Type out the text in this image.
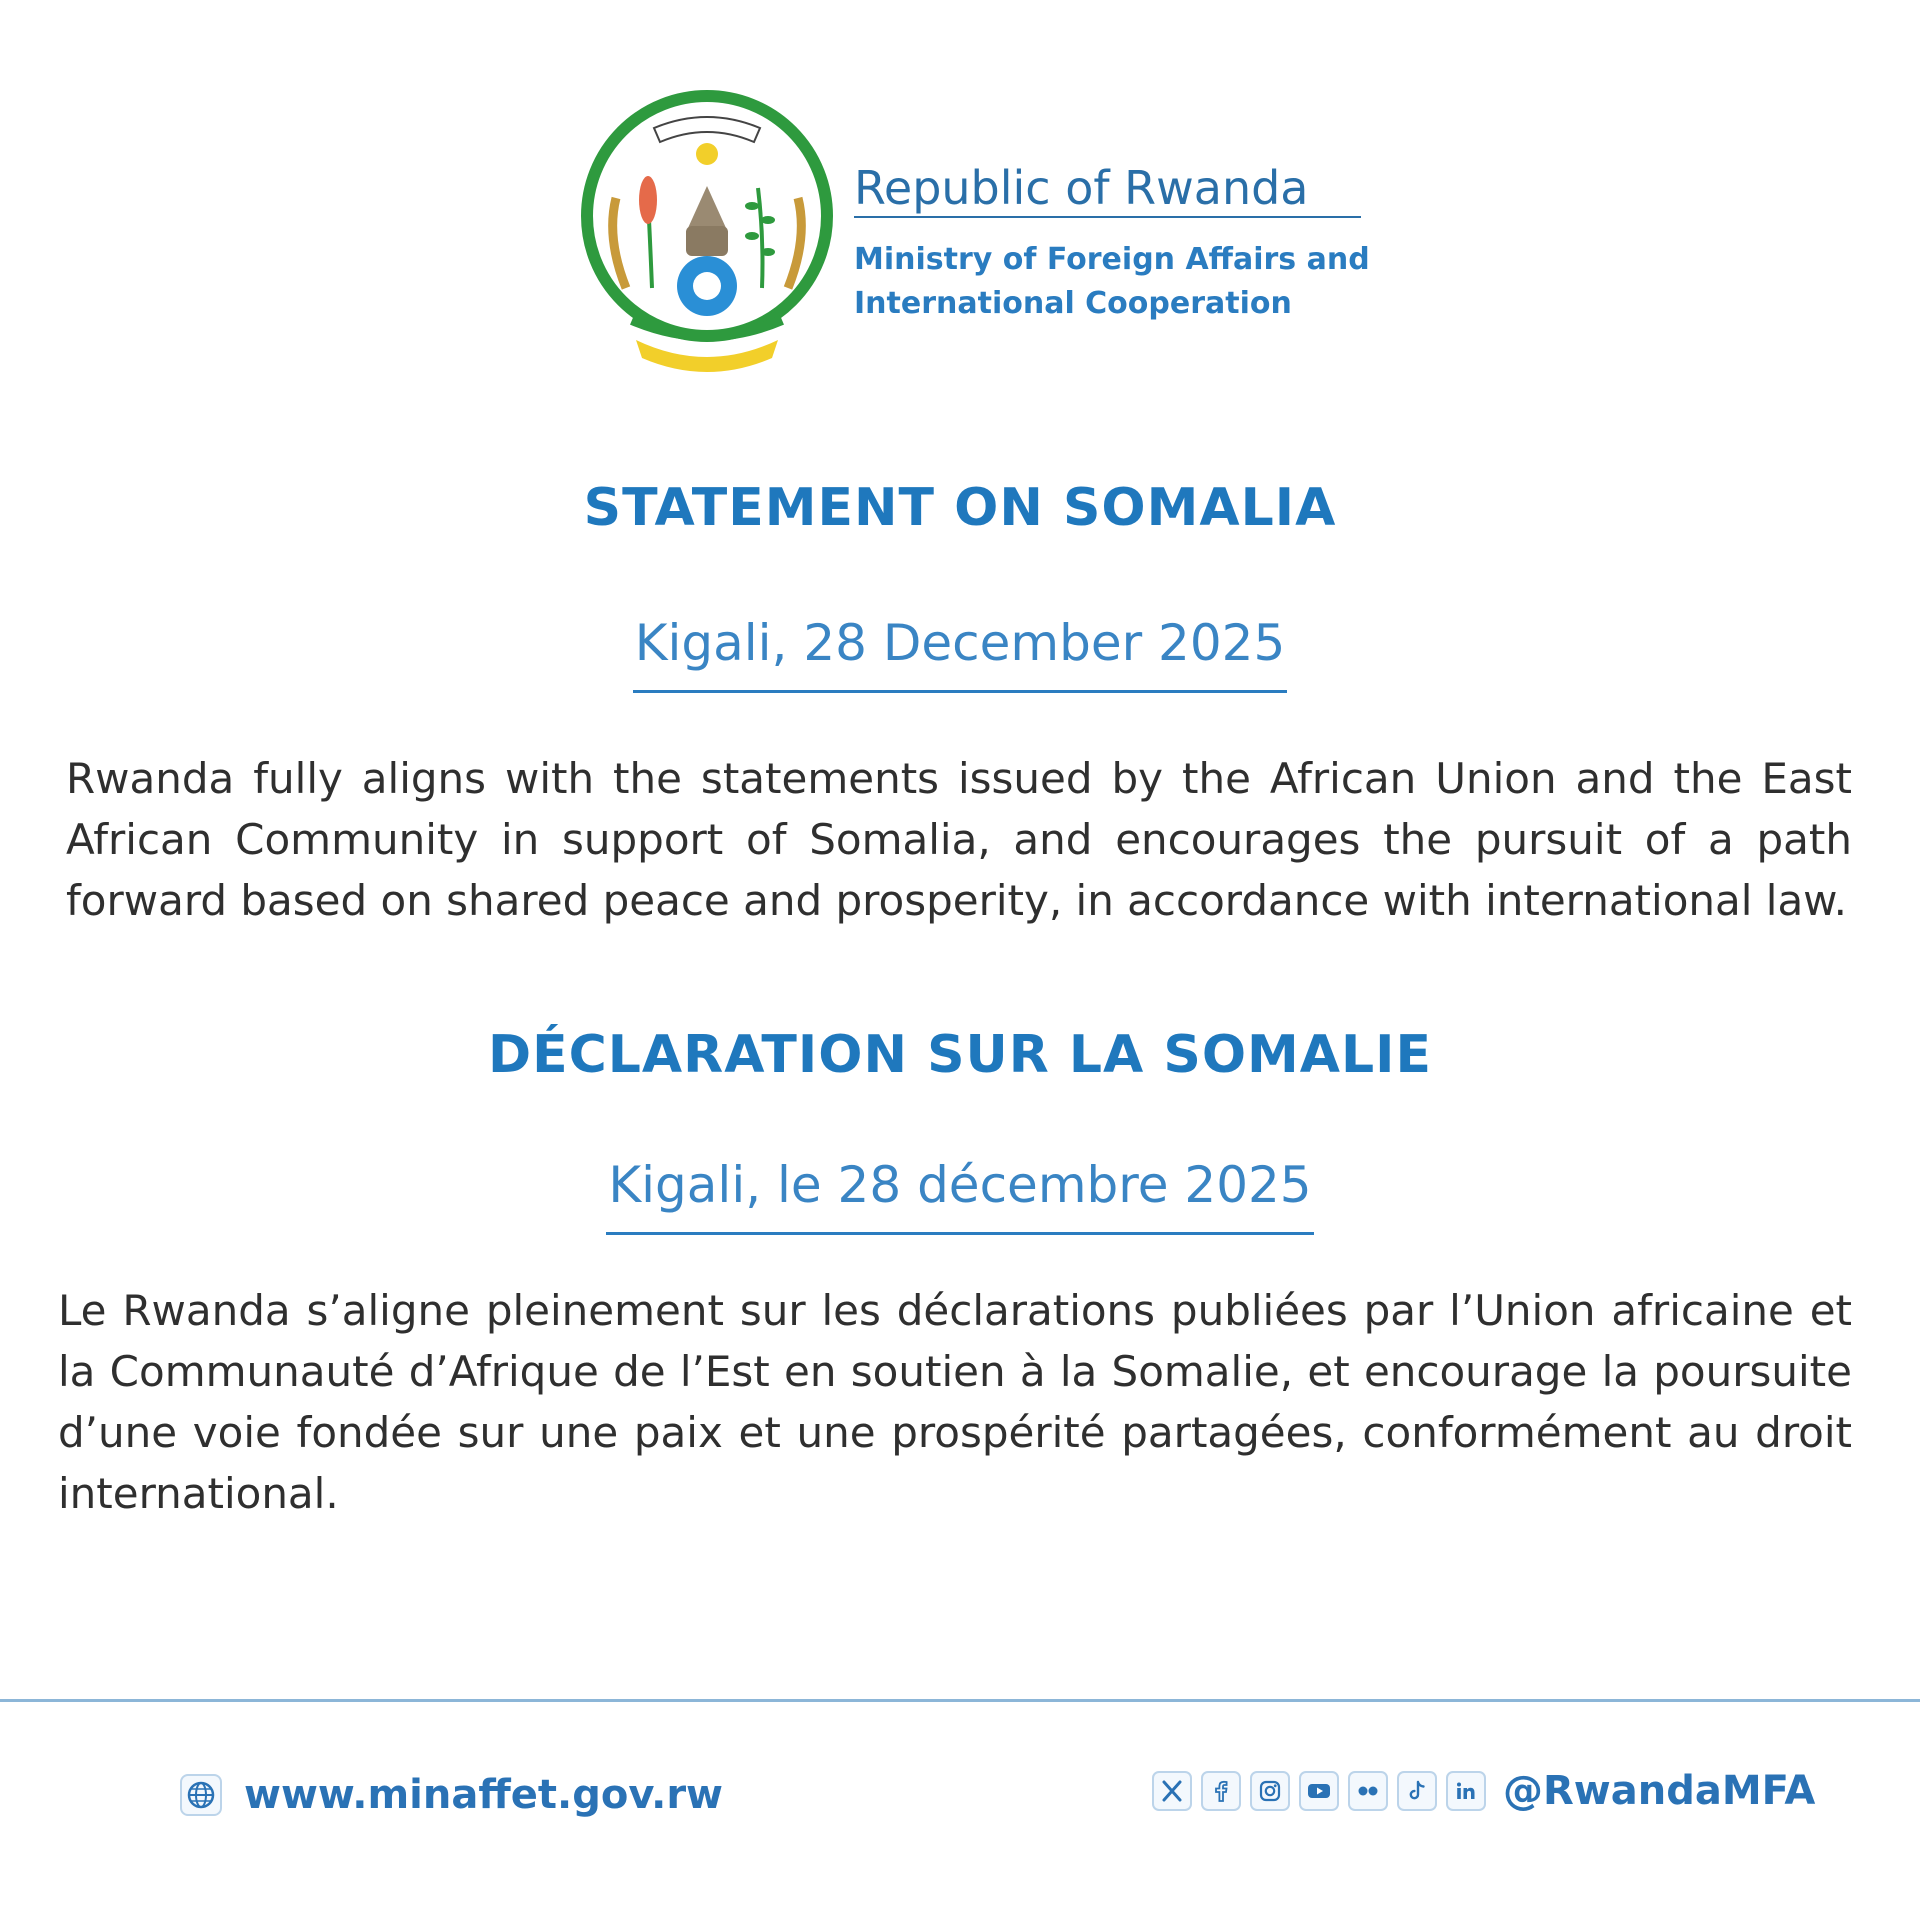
Republic of Rwanda
Ministry of Foreign Affairs and
International Cooperation
STATEMENT ON SOMALIA
Kigali, 28 December 2025
Rwanda fully aligns with the statements issued by the African Union and the East African Community in support of Somalia, and encourages the pursuit of a path forward based on shared peace and prosperity, in accordance with international law.
DÉCLARATION SUR LA SOMALIE
Kigali, le 28 décembre 2025
Le Rwanda s’aligne pleinement sur les déclarations publiées par l’Union africaine et la Communauté d’Afrique de l’Est en soutien à la Somalie, et encourage la poursuite d’une voie fondée sur une paix et une prospérité partagées, conformément au droit international.
www.minaffet.gov.rw	@RwandaMFA
